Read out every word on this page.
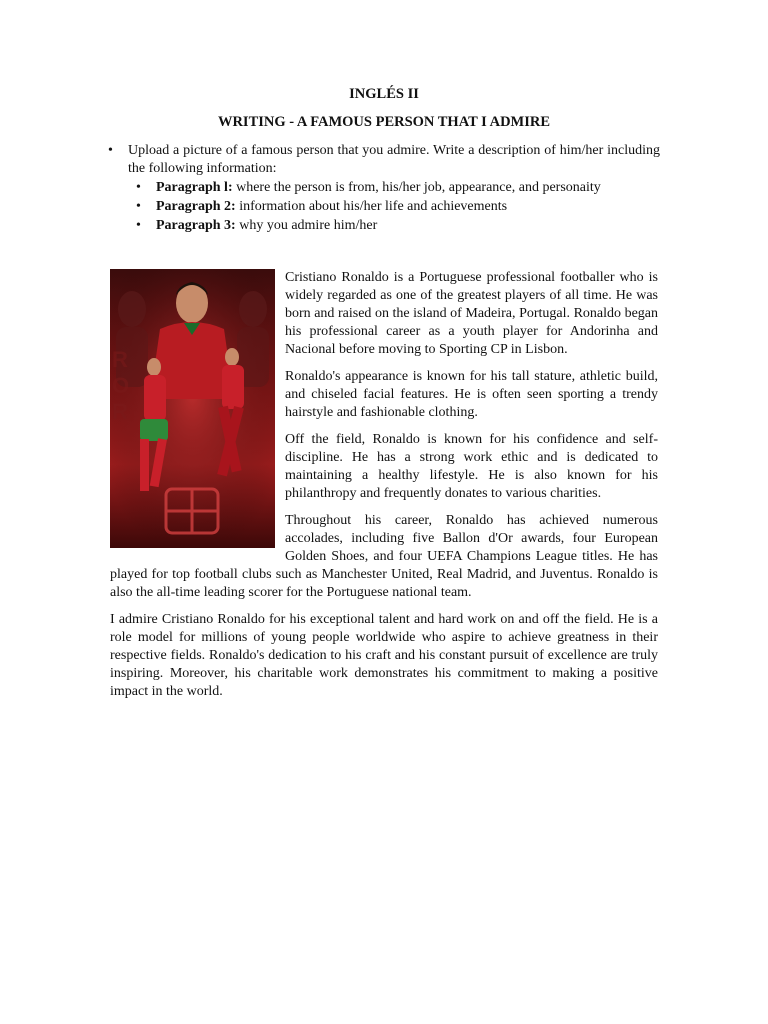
INGLÉS II
WRITING - A FAMOUS PERSON THAT I ADMIRE

• Upload a picture of a famous person that you admire. Write a description of him/her including the following information:

• Paragraph l: where the person is from, his/her job, appearance, and personaity
• Paragraph 2: information about his/her life and achievements
• Paragraph 3: why you admire him/her
R
O
R

Cristiano Ronaldo is a Portuguese professional footballer who is widely regarded as one of the greatest players of all time. He was born and raised on the island of Madeira, Portugal. Ronaldo began his professional career as a youth player for Andorinha and Nacional before moving to Sporting CP in Lisbon.

Ronaldo's appearance is known for his tall stature, athletic build, and chiseled facial features. He is often seen sporting a trendy hairstyle and fashionable clothing.

Off the field, Ronaldo is known for his confidence and self-discipline. He has a strong work ethic and is dedicated to maintaining a healthy lifestyle. He is also known for his philanthropy and frequently donates to various charities.

Throughout his career, Ronaldo has achieved numerous accolades, including five Ballon d'Or awards, four European Golden Shoes, and four UEFA Champions League titles. He has played for top football clubs such as Manchester United, Real Madrid, and Juventus. Ronaldo is also the all-time leading scorer for the Portuguese national team.

I admire Cristiano Ronaldo for his exceptional talent and hard work on and off the field. He is a role model for millions of young people worldwide who aspire to achieve greatness in their respective fields. Ronaldo's dedication to his craft and his constant pursuit of excellence are truly inspiring. Moreover, his charitable work demonstrates his commitment to making a positive impact in the world.
